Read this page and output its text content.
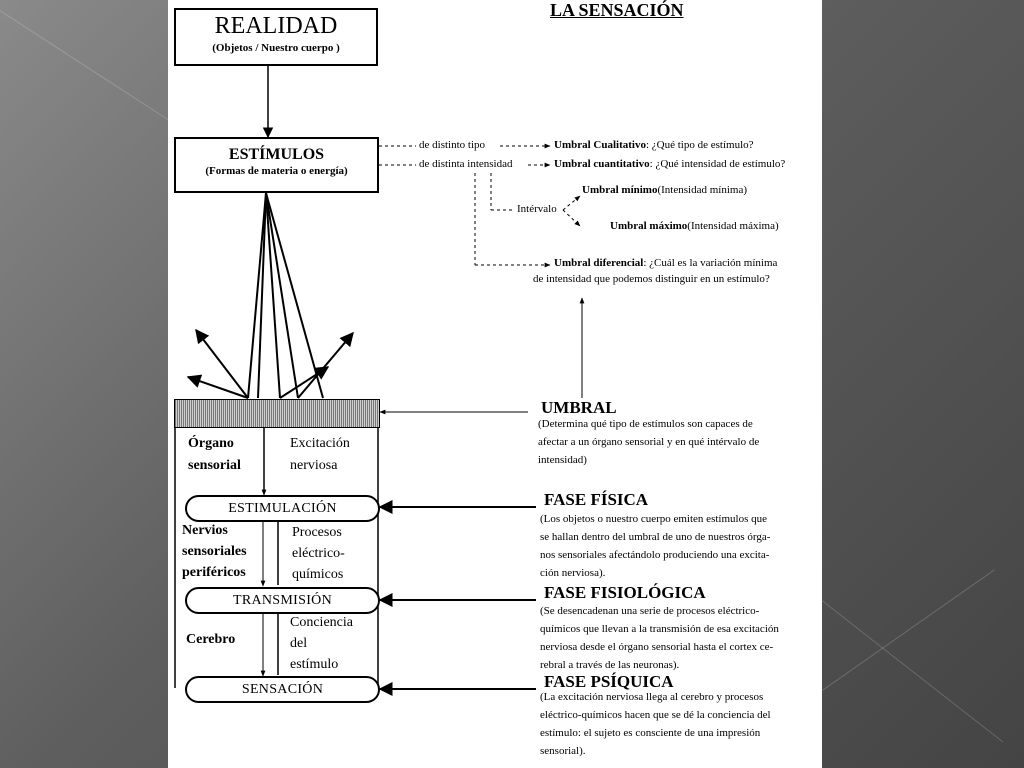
LA SENSACIÓN
REALIDAD
(Objetos / Nuestro cuerpo )
ESTÍMULOS
(Formas de materia o energía)
de distinto tipo
de distinta intensidad
Intérvalo
Umbral Cualitativo: ¿Qué tipo de estímulo?
Umbral cuantitativo: ¿Qué intensidad de estímulo?
Umbral mínimo(Intensidad mínima)
Umbral máximo(Intensidad máxima)
Umbral diferencial: ¿Cuál es la variación mínima
de intensidad que podemos distinguir en un estímulo?
Órgano
sensorial
Excitación
nerviosa
Nervios
sensoriales
periféricos
Procesos
eléctrico-
químicos
Cerebro
Conciencia
del
estímulo
ESTIMULACIÓN
TRANSMISIÓN
SENSACIÓN
UMBRAL
(Determina qué tipo de estímulos son capaces de
afectar a un órgano sensorial y en qué intérvalo de
intensidad)
FASE FÍSICA
(Los objetos o nuestro cuerpo emiten estímulos que
se hallan dentro del umbral de uno de nuestros órga-
nos sensoriales afectándolo produciendo una excita-
ción nerviosa).
FASE FISIOLÓGICA
(Se desencadenan una serie de procesos eléctrico-
químicos que llevan a la transmisión de esa excitación
nerviosa desde el órgano sensorial hasta el cortex ce-
rebral a través de las neuronas).
FASE PSÍQUICA
(La excitación nerviosa llega al cerebro y procesos
eléctrico-químicos hacen que se dé la conciencia del
estímulo: el sujeto es consciente de una impresión
sensorial).
